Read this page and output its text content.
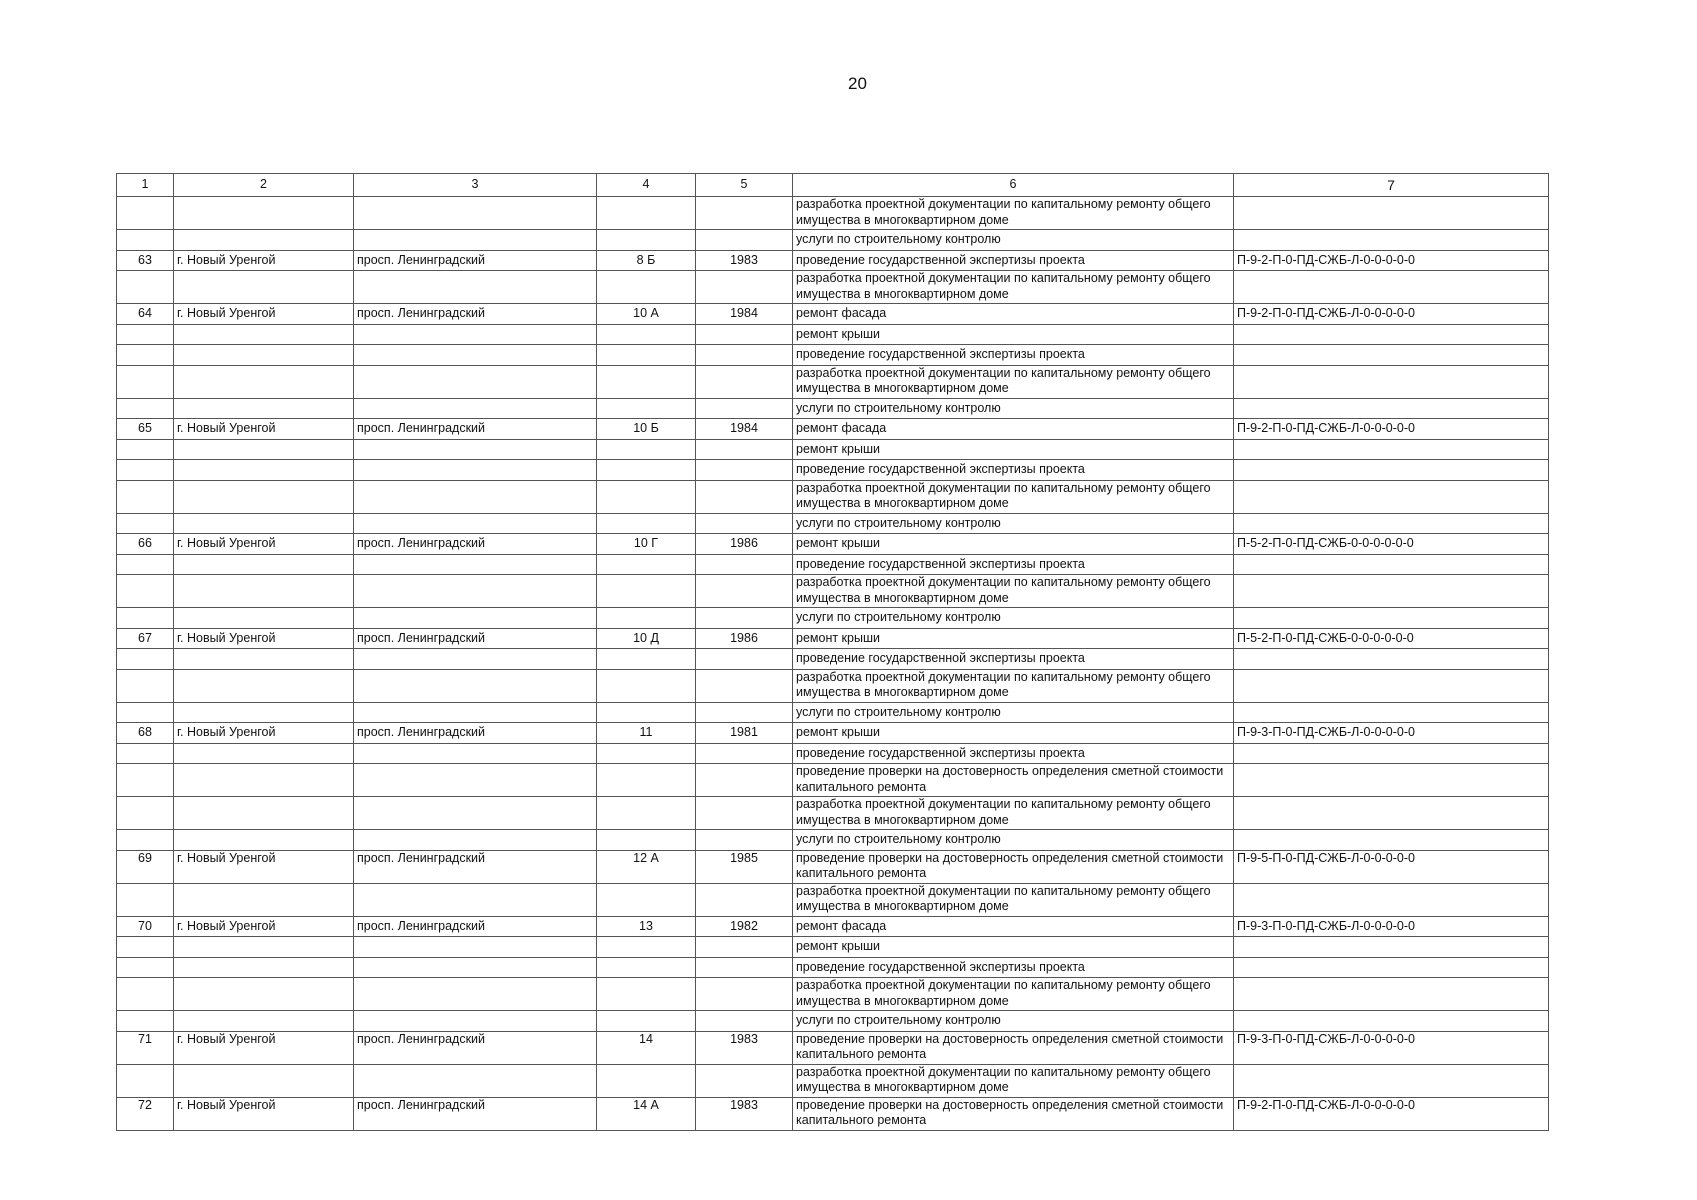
20
1	2	3	4	5	6	7
					разработка проектной документации по капитальному ремонту общего имущества в многоквартирном доме	
					услуги по строительному контролю	
63	г. Новый Уренгой	просп. Ленинградский	8 Б	1983	проведение государственной экспертизы проекта	П-9-2-П-0-ПД-СЖБ-Л-0-0-0-0-0
					разработка проектной документации по капитальному ремонту общего имущества в многоквартирном доме	
64	г. Новый Уренгой	просп. Ленинградский	10 А	1984	ремонт фасада	П-9-2-П-0-ПД-СЖБ-Л-0-0-0-0-0
					ремонт крыши	
					проведение государственной экспертизы проекта	
					разработка проектной документации по капитальному ремонту общего имущества в многоквартирном доме	
					услуги по строительному контролю	
65	г. Новый Уренгой	просп. Ленинградский	10 Б	1984	ремонт фасада	П-9-2-П-0-ПД-СЖБ-Л-0-0-0-0-0
					ремонт крыши	
					проведение государственной экспертизы проекта	
					разработка проектной документации по капитальному ремонту общего имущества в многоквартирном доме	
					услуги по строительному контролю	
66	г. Новый Уренгой	просп. Ленинградский	10 Г	1986	ремонт крыши	П-5-2-П-0-ПД-СЖБ-0-0-0-0-0-0
					проведение государственной экспертизы проекта	
					разработка проектной документации по капитальному ремонту общего имущества в многоквартирном доме	
					услуги по строительному контролю	
67	г. Новый Уренгой	просп. Ленинградский	10 Д	1986	ремонт крыши	П-5-2-П-0-ПД-СЖБ-0-0-0-0-0-0
					проведение государственной экспертизы проекта	
					разработка проектной документации по капитальному ремонту общего имущества в многоквартирном доме	
					услуги по строительному контролю	
68	г. Новый Уренгой	просп. Ленинградский	11	1981	ремонт крыши	П-9-3-П-0-ПД-СЖБ-Л-0-0-0-0-0
					проведение государственной экспертизы проекта	
					проведение проверки на достоверность определения сметной стоимости капитального ремонта	
					разработка проектной документации по капитальному ремонту общего имущества в многоквартирном доме	
					услуги по строительному контролю	
69	г. Новый Уренгой	просп. Ленинградский	12 А	1985	проведение проверки на достоверность определения сметной стоимости капитального ремонта	П-9-5-П-0-ПД-СЖБ-Л-0-0-0-0-0
					разработка проектной документации по капитальному ремонту общего имущества в многоквартирном доме	
70	г. Новый Уренгой	просп. Ленинградский	13	1982	ремонт фасада	П-9-3-П-0-ПД-СЖБ-Л-0-0-0-0-0
					ремонт крыши	
					проведение государственной экспертизы проекта	
					разработка проектной документации по капитальному ремонту общего имущества в многоквартирном доме	
					услуги по строительному контролю	
71	г. Новый Уренгой	просп. Ленинградский	14	1983	проведение проверки на достоверность определения сметной стоимости капитального ремонта	П-9-3-П-0-ПД-СЖБ-Л-0-0-0-0-0
					разработка проектной документации по капитальному ремонту общего имущества в многоквартирном доме	
72	г. Новый Уренгой	просп. Ленинградский	14 А	1983	проведение проверки на достоверность определения сметной стоимости капитального ремонта	П-9-2-П-0-ПД-СЖБ-Л-0-0-0-0-0
